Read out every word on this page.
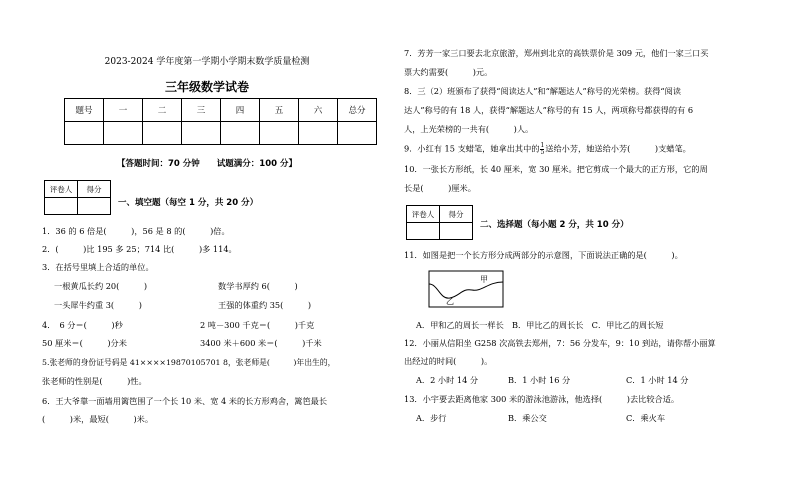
2023-2024 学年度第一学期小学期末数学质量检测
三年级数学试卷
题号	一	二	三	四	五	六	总分

【答题时间：70 分钟　　试题满分：100 分】
评卷人	得分

一、填空题（每空 1 分，共 20 分）
1．36 的 6 倍是(　　　)，56 是 8 的(　　　)倍。
2．(　　　)比 195 多 25；714 比(　　　)多 114。
3．在括号里填上合适的单位。
一根黄瓜长约 20(　　　)	数学书厚约 6(　　　)
一头犀牛约重 3(　　　)	王强的体重约 35(　　　)
4．　6 分＝(　　　)秒	2 吨－300 千克＝(　　　)千克
50 厘米＝(　　　)分米	3400 米＋600 米＝(　　　)千米
5.张老师的身份证号码是 41××××19870105701 8，张老师是(　　　)年出生的，
张老师的性别是(　　　)性。
6．王大爷靠一面墙用篱笆围了一个长 10 米、宽 4 米的长方形鸡舍，篱笆最长
(　　　)米，最短(　　　)米。
7．芳芳一家三口要去北京旅游，郑州到北京的高铁票价是 309 元，他们一家三口买
票大约需要(　　　)元。
8．三（2）班颁布了获得“阅读达人”和“解题达人”称号的光荣榜。获得“阅读
达人”称号的有 18 人，获得“解题达人”称号的有 15 人，两项称号都获得的有 6
人，上光荣榜的一共有(　　　)人。
9．小红有 15 支蜡笔，她拿出其中的 $\frac{1}{5}$ 送给小芳，她送给小芳(　　　)支蜡笔。
10．一张长方形纸，长 40 厘米，宽 30 厘米。把它剪成一个最大的正方形，它的周
长是(　　　)厘米。
评卷人	得分

二、选择题（每小题 2 分，共 10 分）
11．如图是把一个长方形分成两部分的示意图，下面说法正确的是(　　　)。
A．甲和乙的周长一样长　B．甲比乙的周长长　C．甲比乙的周长短
12．小丽从信阳坐 G258 次高铁去郑州，7：56 分发车，9：10 到站，请你帮小丽算
出经过的时间(　　　)。
A．2 小时 14 分	B．1 小时 16 分	C．1 小时 14 分
13．小宇要去距离他家 300 米的游泳池游泳，他选择(　　　)去比较合适。
A．步行	B．乘公交	C．乘火车
甲
乙
